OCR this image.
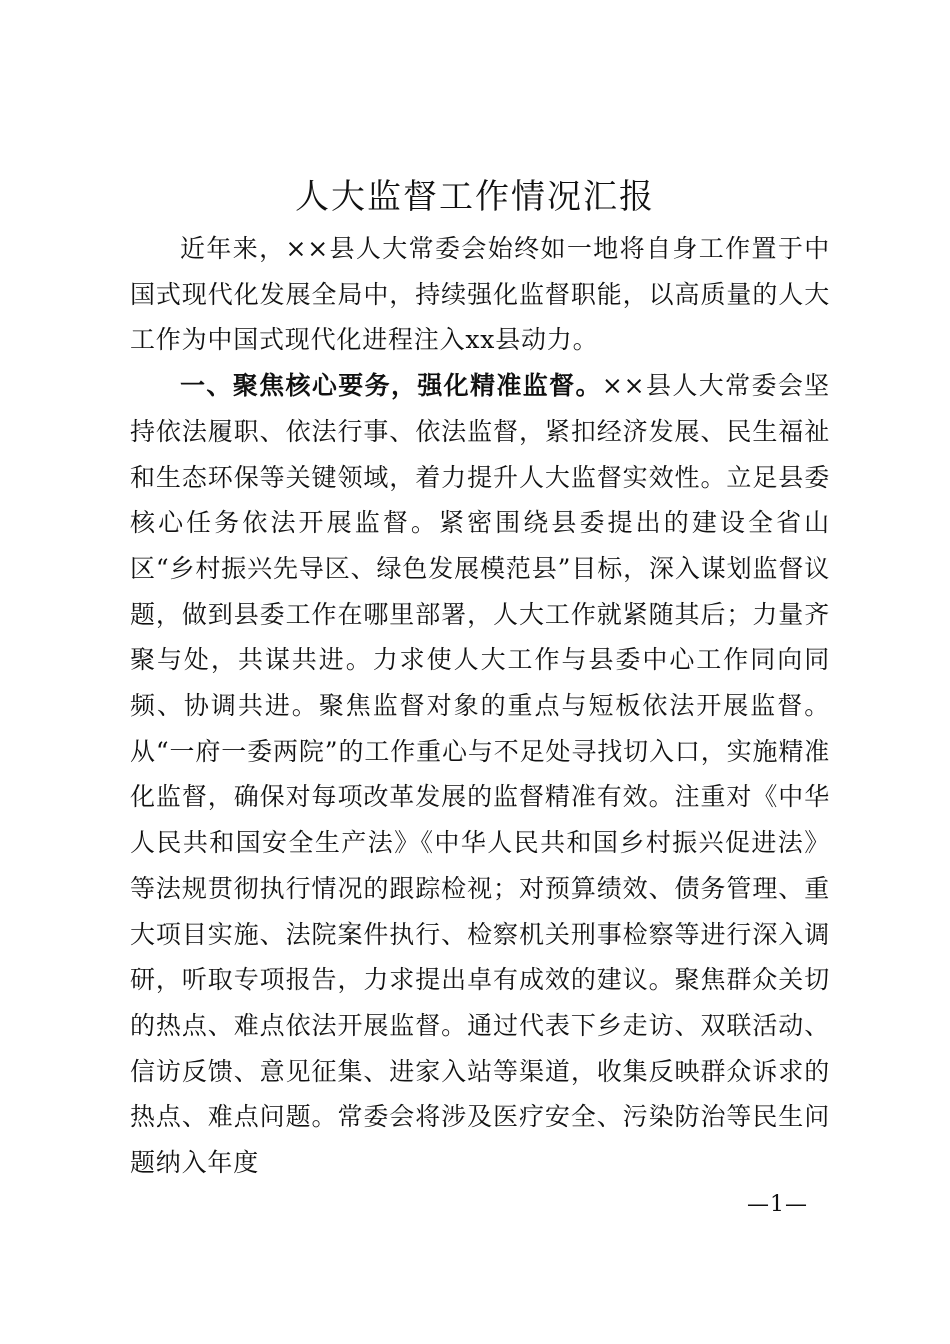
人大监督工作情况汇报

近年来，××县人大常委会始终如一地将自身工作置于中国式现代化发展全局中，持续强化监督职能，以高质量的人大工作为中国式现代化进程注入xx县动力。

一、聚焦核心要务，强化精准监督。××县人大常委会坚持依法履职、依法行事、依法监督，紧扣经济发展、民生福祉和生态环保等关键领域，着力提升人大监督实效性。立足县委核心任务依法开展监督。紧密围绕县委提出的建设全省山区“乡村振兴先导区、绿色发展模范县”目标，深入谋划监督议题，做到县委工作在哪里部署，人大工作就紧随其后；力量齐聚与处，共谋共进。力求使人大工作与县委中心工作同向同频、协调共进。聚焦监督对象的重点与短板依法开展监督。从“一府一委两院”的工作重心与不足处寻找切入口，实施精准化监督，确保对每项改革发展的监督精准有效。注重对《中华人民共和国安全生产法》《中华人民共和国乡村振兴促进法》等法规贯彻执行情况的跟踪检视；对预算绩效、债务管理、重大项目实施、法院案件执行、检察机关刑事检察等进行深入调研，听取专项报告，力求提出卓有成效的建议。聚焦群众关切的热点、难点依法开展监督。通过代表下乡走访、双联活动、信访反馈、意见征集、进家入站等渠道，收集反映群众诉求的热点、难点问题。常委会将涉及医疗安全、污染防治等民生问题纳入年度

—1—
